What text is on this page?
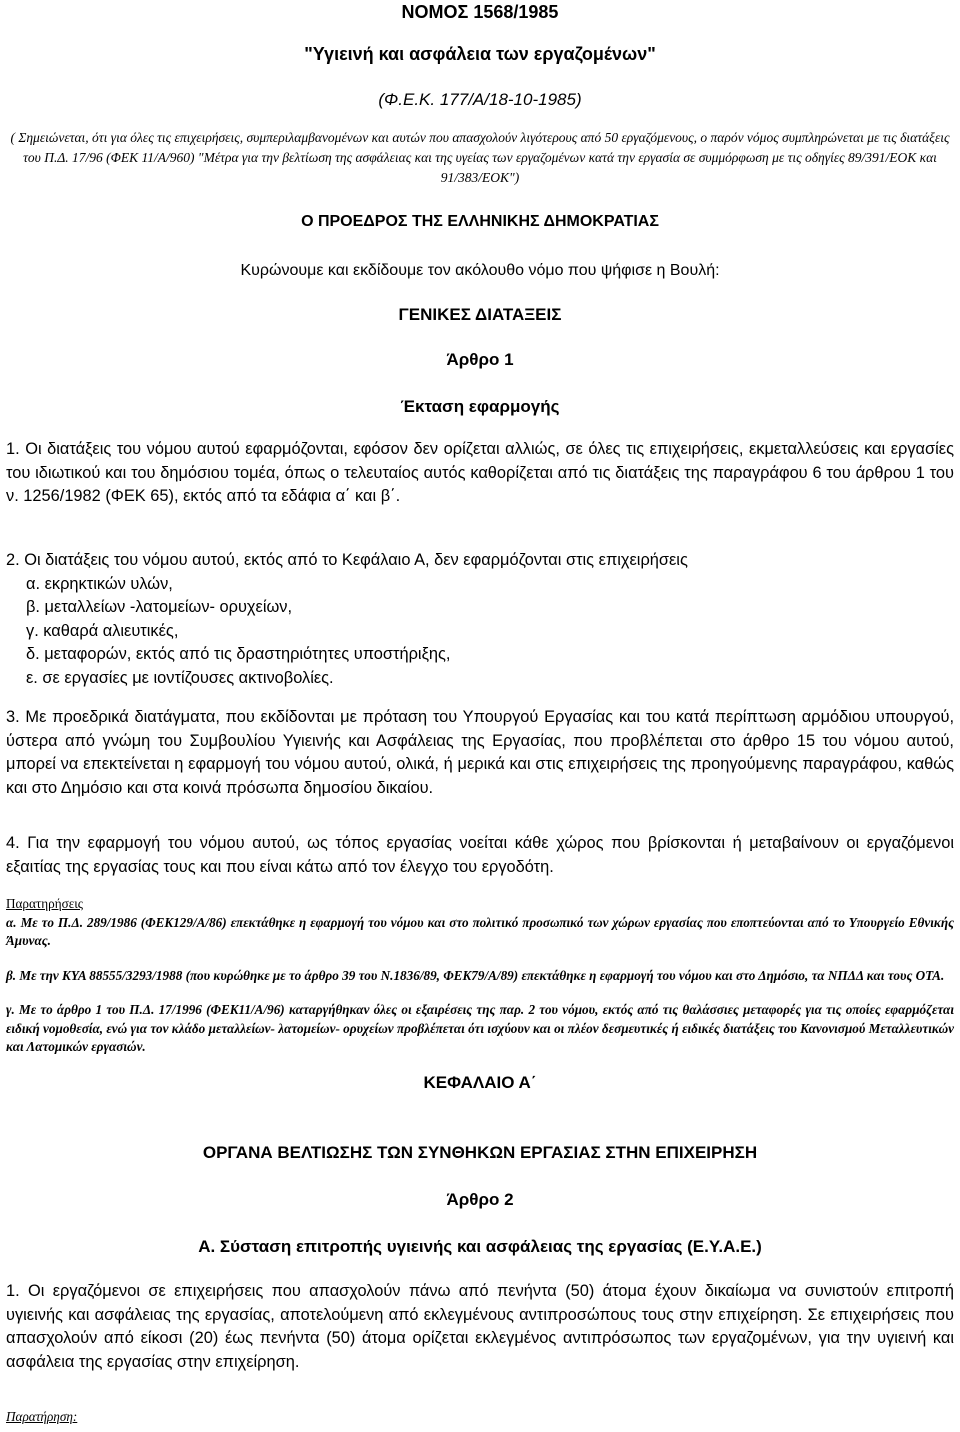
ΝΟΜΟΣ 1568/1985
"Υγιεινή και ασφάλεια των εργαζομένων"
(Φ.Ε.Κ. 177/Α/18-10-1985)
( Σημειώνεται, ότι για όλες τις επιχειρήσεις, συμπεριλαμβανομένων και αυτών που απασχολούν λιγότερους από 50 εργαζόμενους, ο παρόν νόμος συμπληρώνεται με τις διατάξεις του Π.Δ. 17/96 (ΦΕΚ 11/Α/960) "Μέτρα για την βελτίωση της ασφάλειας και της υγείας των εργαζομένων κατά την εργασία σε συμμόρφωση με τις οδηγίες 89/391/ΕΟΚ και 91/383/ΕΟΚ")
Ο ΠΡΟΕΔΡΟΣ ΤΗΣ ΕΛΛΗΝΙΚΗΣ ΔΗΜΟΚΡΑΤΙΑΣ
Κυρώνουμε και εκδίδουμε τον ακόλουθο νόμο που ψήφισε η Βουλή:
ΓΕΝΙΚΕΣ ΔΙΑΤΑΞΕΙΣ
Άρθρο 1
Έκταση εφαρμογής
1. Οι διατάξεις του νόμου αυτού εφαρμόζονται, εφόσον δεν ορίζεται αλλιώς, σε όλες τις επιχειρήσεις, εκμεταλλεύσεις και εργασίες του ιδιωτικού και του δημόσιου τομέα, όπως ο τελευταίος αυτός καθορίζεται από τις διατάξεις της παραγράφου 6 του άρθρου 1 του ν. 1256/1982 (ΦΕΚ 65), εκτός από τα εδάφια α΄ και β΄.
2. Οι διατάξεις του νόμου αυτού, εκτός από το Κεφάλαιο Α, δεν εφαρμόζονται στις επιχειρήσεις
α. εκρηκτικών υλών,
β. μεταλλείων -λατομείων- ορυχείων,
γ. καθαρά αλιευτικές,
δ. μεταφορών, εκτός από τις δραστηριότητες υποστήριξης,
ε. σε εργασίες με ιοντίζουσες ακτινοβολίες.
3. Με προεδρικά διατάγματα, που εκδίδονται με πρόταση του Υπουργού Εργασίας και του κατά περίπτωση αρμόδιου υπουργού, ύστερα από γνώμη του Συμβουλίου Υγιεινής και Ασφάλειας της Εργασίας, που προβλέπεται στο άρθρο 15 του νόμου αυτού, μπορεί να επεκτείνεται η εφαρμογή του νόμου αυτού, ολικά, ή μερικά και στις επιχειρήσεις της προηγούμενης παραγράφου, καθώς και στο Δημόσιο και στα κοινά πρόσωπα δημοσίου δικαίου.
4. Για την εφαρμογή του νόμου αυτού, ως τόπος εργασίας νοείται κάθε χώρος που βρίσκονται ή μεταβαίνουν οι εργαζόμενοι εξαιτίας της εργασίας τους και που είναι κάτω από τον έλεγχο του εργοδότη.
Παρατηρήσεις
α. Με το Π.Δ. 289/1986 (ΦΕΚ129/Α/86) επεκτάθηκε η εφαρμογή του νόμου και στο πολιτικό προσωπικό των χώρων εργασίας που εποπτεύονται από το Υπουργείο Εθνικής Άμυνας.
β. Με την ΚΥΑ 88555/3293/1988 (που κυρώθηκε με το άρθρο 39 του Ν.1836/89, ΦΕΚ79/Α/89) επεκτάθηκε η εφαρμογή του νόμου και στο Δημόσιο, τα ΝΠΔΔ και τους ΟΤΑ.
γ. Με το άρθρο 1 του Π.Δ. 17/1996 (ΦΕΚ11/Α/96) καταργήθηκαν όλες οι εξαιρέσεις της παρ. 2 του νόμου, εκτός από τις θαλάσσιες μεταφορές για τις οποίες εφαρμόζεται ειδική νομοθεσία, ενώ για τον κλάδο μεταλλείων- λατομείων- ορυχείων προβλέπεται ότι ισχύουν και οι πλέον δεσμευτικές ή ειδικές διατάξεις του Κανονισμού Μεταλλευτικών και Λατομικών εργασιών.
ΚΕΦΑΛΑΙΟ Α΄
ΟΡΓΑΝΑ ΒΕΛΤΙΩΣΗΣ ΤΩΝ ΣΥΝΘΗΚΩΝ ΕΡΓΑΣΙΑΣ ΣΤΗΝ ΕΠΙΧΕΙΡΗΣΗ
Άρθρο 2
Α. Σύσταση επιτροπής υγιεινής και ασφάλειας της εργασίας (Ε.Υ.Α.Ε.)
1. Οι εργαζόμενοι σε επιχειρήσεις που απασχολούν πάνω από πενήντα (50) άτομα έχουν δικαίωμα να συνιστούν επιτροπή υγιεινής και ασφάλειας της εργασίας, αποτελούμενη από εκλεγμένους αντιπροσώπους τους στην επιχείρηση. Σε επιχειρήσεις που απασχολούν από είκοσι (20) έως πενήντα (50) άτομα ορίζεται εκλεγμένος αντιπρόσωπος των εργαζομένων, για την υγιεινή και ασφάλεια της εργασίας στην επιχείρηση.
Παρατήρηση:
